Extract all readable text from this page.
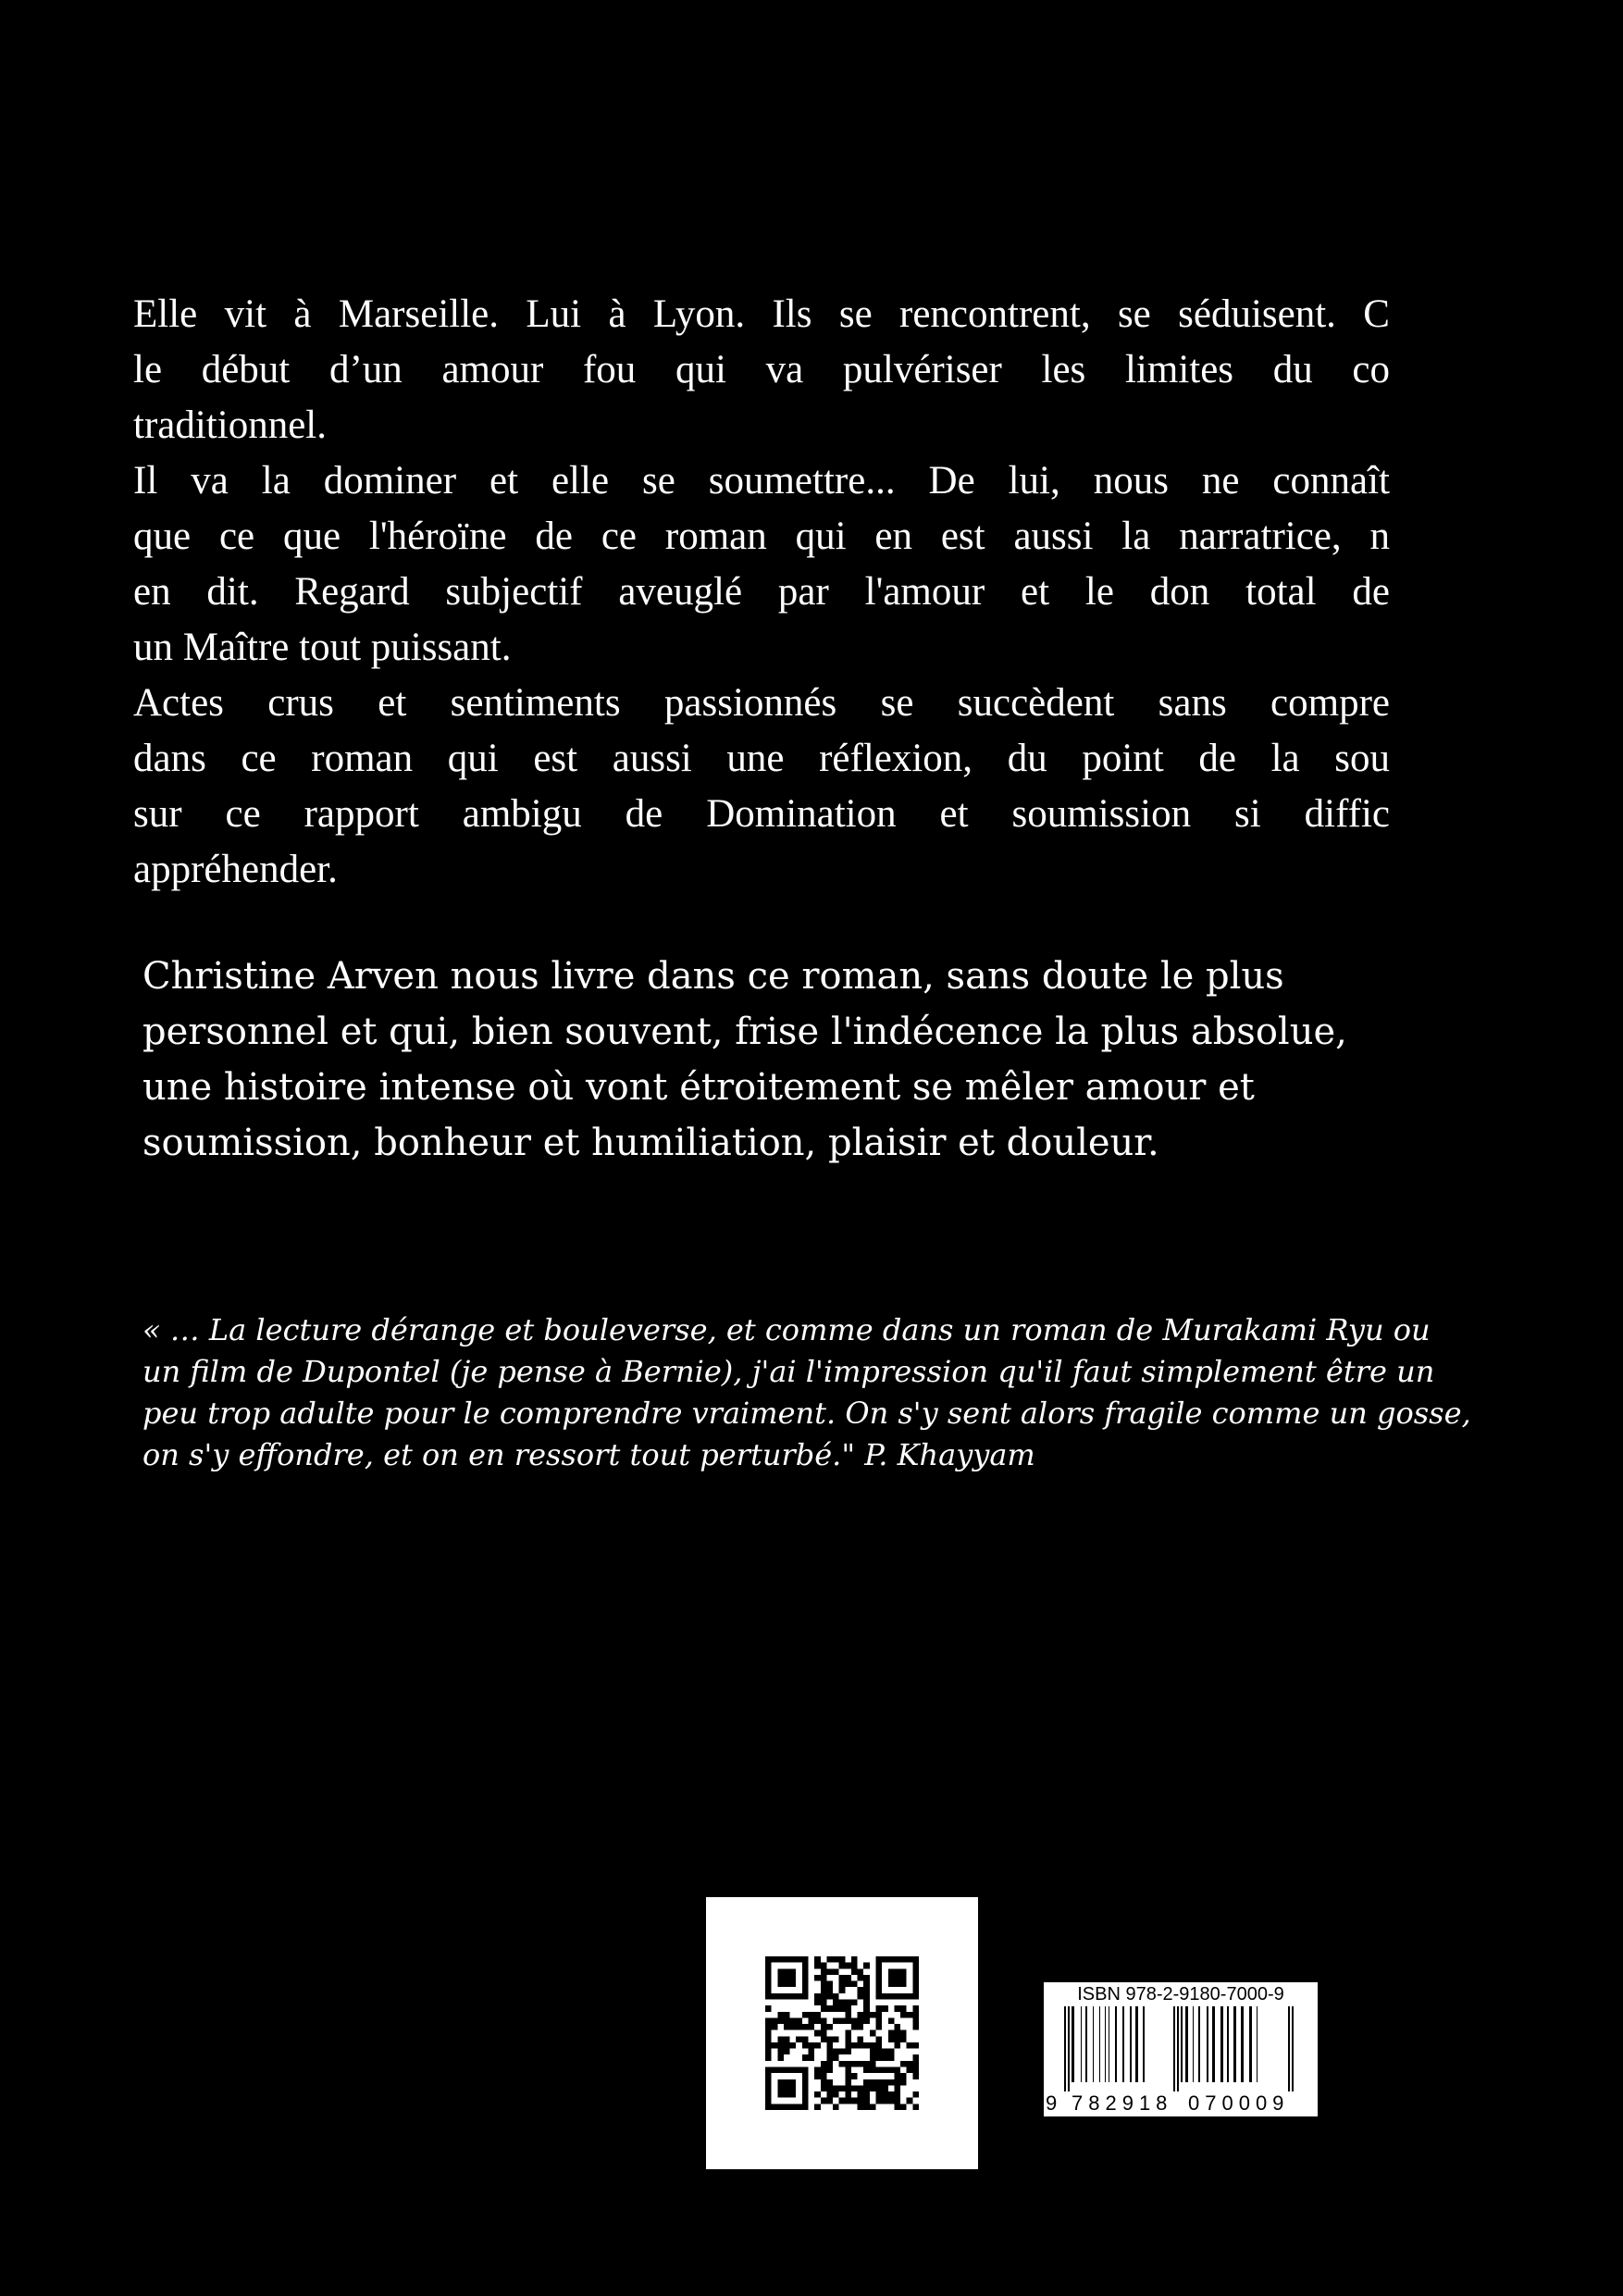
Elle vit à Marseille. Lui à Lyon. Ils se rencontrent, se séduisent. C
le début d’un amour fou qui va pulvériser les limites du co
traditionnel.
Il va la dominer et elle se soumettre... De lui, nous ne connaît
que ce que l'héroïne de ce roman qui en est aussi la narratrice, n
en dit. Regard subjectif aveuglé par l'amour et le don total de
un Maître tout puissant.
Actes crus et sentiments passionnés se succèdent sans compre
dans ce roman qui est aussi une réflexion, du point de la sou
sur ce rapport ambigu de Domination et soumission si diffic
appréhender.
Christine Arven nous livre dans ce roman, sans doute le plus
personnel et qui, bien souvent, frise l'indécence la plus absolue,
une histoire intense où vont étroitement se mêler amour et
soumission, bonheur et humiliation, plaisir et douleur.
« … La lecture dérange et bouleverse, et comme dans un roman de Murakami Ryu ou
un film de Dupontel (je pense à Bernie), j'ai l'impression qu'il faut simplement être un
peu trop adulte pour le comprendre vraiment. On s'y sent alors fragile comme un gosse,
on s'y effondre, et on en ressort tout perturbé." P. Khayyam
ISBN 978-2-9180-7000-9
9 782918 070009
